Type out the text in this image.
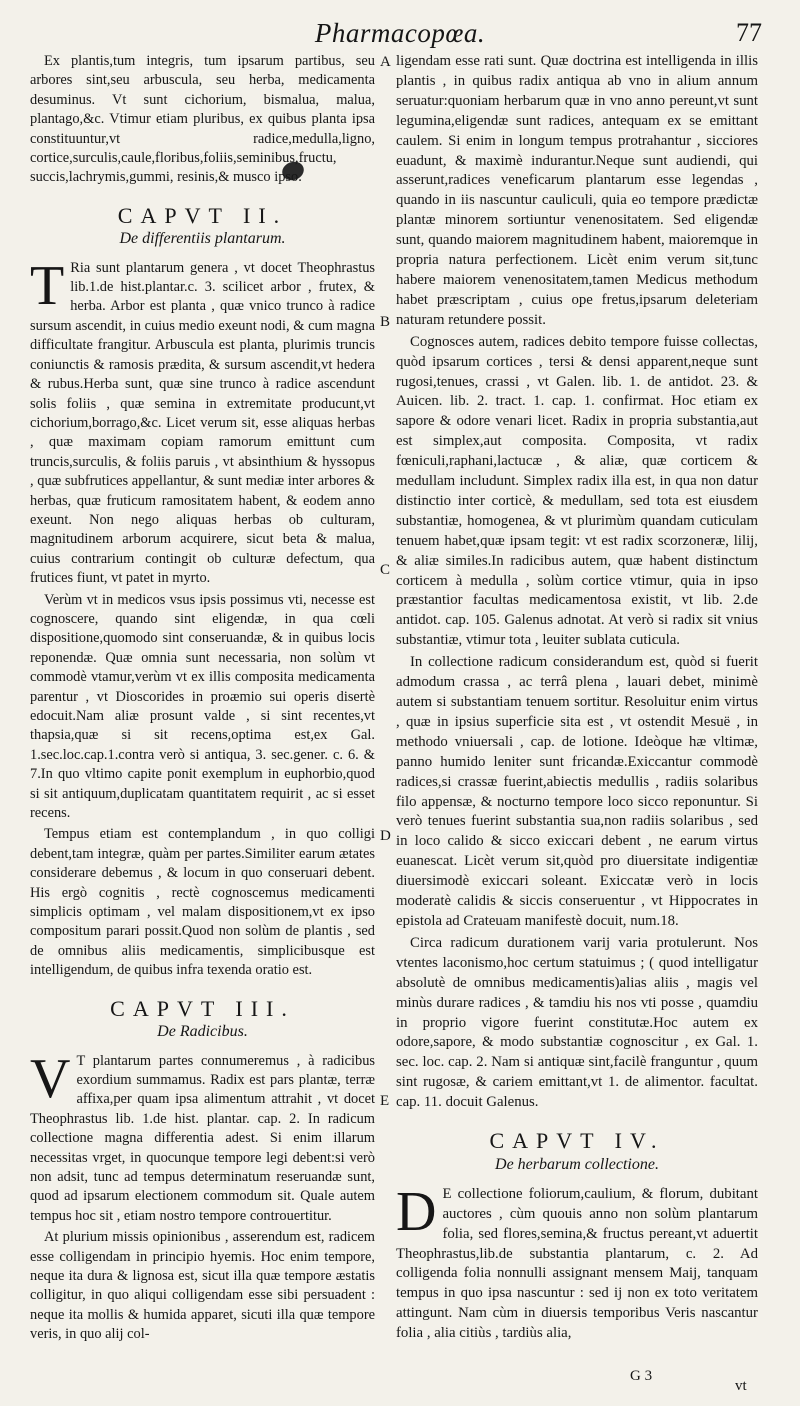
Pharmacopœa.	77

Ex plantis,tum integris, tum ipsarum partibus, seu arbores sint,seu arbuscula, seu herba, medicamenta desuminus. Vt sunt cichorium, bismalua, malua, plantago,&c. Vtimur etiam pluribus, ex quibus planta ipsa constituuntur,vt radice,medulla,ligno, cortice,surculis,caule,floribus,foliis,seminibus,fructu, succis,lachrymis,gummi, resinis,& musco ipso.

CAPVT II.
De differentiis plantarum.

T Ria sunt plantarum genera , vt docet Theophrastus lib.1.de hist.plantar.c. 3. scilicet arbor , frutex, & herba. Arbor est planta , quæ vnico trunco à radice sursum ascendit, in cuius medio exeunt nodi, & cum magna difficultate frangitur. Arbuscula est planta, plurimis truncis coniunctis & ramosis prædita, & sursum ascendit,vt hedera & rubus.Herba sunt, quæ sine trunco à radice ascendunt solis foliis , quæ semina in extremitate producunt,vt cichorium,borrago,&c. Licet verum sit, esse aliquas herbas , quæ maximam copiam ramorum emittunt cum truncis,surculis, & foliis paruis , vt absinthium & hyssopus , quæ subfrutices appellantur, & sunt mediæ inter arbores & herbas, quæ fruticum ramositatem habent, & eodem anno exeunt. Non nego aliquas herbas ob culturam, magnitudinem arborum acquirere, sicut beta & malua, cuius contrarium contingit ob culturæ defectum, qua frutices fiunt, vt patet in myrto.

Verùm vt in medicos vsus ipsis possimus vti, necesse est cognoscere, quando sint eligendæ, in qua cœli dispositione,quomodo sint conseruandæ, & in quibus locis reponendæ. Quæ omnia sunt necessaria, non solùm vt commodè vtamur,verùm vt ex illis composita medicamenta parentur , vt Dioscorides in proæmio sui operis disertè edocuit.Nam aliæ prosunt valde , si sint recentes,vt thapsia,quæ si sit recens,optima est,ex Gal. 1.sec.loc.cap.1.contra verò si antiqua, 3. sec.gener. c. 6. & 7.In quo vltimo capite ponit exemplum in euphorbio,quod si sit antiquum,duplicatam quantitatem requirit , ac si esset recens.

Tempus etiam est contemplandum , in quo colligi debent,tam integræ, quàm per partes.Similiter earum ætates considerare debemus , & locum in quo conseruari debent. His ergò cognitis , rectè cognoscemus medicamenti simplicis optimam , vel malam dispositionem,vt ex ipso compositum parari possit.Quod non solùm de plantis , sed de omnibus aliis medicamentis, simplicibusque est intelligendum, de quibus infra texenda oratio est.

CAPVT III.
De Radicibus.

V T plantarum partes connumeremus , à radicibus exordium summamus. Radix est pars plantæ, terræ affixa,per quam ipsa alimentum attrahit , vt docet Theophrastus lib. 1.de hist. plantar. cap. 2. In radicum collectione magna differentia adest. Si enim illarum necessitas vrget, in quocunque tempore legi debent:si verò non adsit, tunc ad tempus determinatum reseruandæ sunt, quod ad ipsarum electionem commodum sit. Quale autem tempus hoc sit , etiam nostro tempore controuertitur.

At plurium missis opinionibus , asserendum est, radicem esse colligendam in principio hyemis. Hoc enim tempore, neque ita dura & lignosa est, sicut illa quæ tempore æstatis colligitur, in quo aliqui colligendam esse sibi persuadent : neque ita mollis & humida apparet, sicuti illa quæ tempore veris, in quo alij col-

A
B
C
D
E

ligendam esse rati sunt. Quæ doctrina est intelligenda in illis plantis , in quibus radix antiqua ab vno in alium annum seruatur:quoniam herbarum quæ in vno anno pereunt,vt sunt legumina,eligendæ sunt radices, antequam ex se emittant caulem. Si enim in longum tempus protrahantur , sicciores euadunt, & maximè indurantur.Neque sunt audiendi, qui asserunt,radices veneficarum plantarum esse legendas , quando in iis nascuntur cauliculi, quia eo tempore prædictæ plantæ minorem sortiuntur venenositatem. Sed eligendæ sunt, quando maiorem magnitudinem habent, maioremque in propria natura perfectionem. Licèt enim verum sit,tunc habere maiorem venenositatem,tamen Medicus methodum habet præscriptam , cuius ope fretus,ipsarum deleteriam naturam retundere possit.

Cognosces autem, radices debito tempore fuisse collectas, quòd ipsarum cortices , tersi & densi apparent,neque sunt rugosi,tenues, crassi , vt Galen. lib. 1. de antidot. 23. & Auicen. lib. 2. tract. 1. cap. 1. confirmat. Hoc etiam ex sapore & odore venari licet. Radix in propria substantia,aut est simplex,aut composita. Composita, vt radix fœniculi,raphani,lactucæ , & aliæ, quæ corticem & medullam includunt. Simplex radix illa est, in qua non datur distinctio inter corticè, & medullam, sed tota est eiusdem substantiæ, homogenea, & vt plurimùm quandam cuticulam tenuem habet,quæ ipsam tegit: vt est radix scorzoneræ, lilij, & aliæ similes.In radicibus autem, quæ habent distinctum corticem à medulla , solùm cortice vtimur, quia in ipso præstantior facultas medicamentosa existit, vt lib. 2.de antidot. cap. 105. Galenus adnotat. At verò si radix sit vnius substantiæ, vtimur tota , leuiter sublata cuticula.

In collectione radicum considerandum est, quòd si fuerit admodum crassa , ac terrâ plena , lauari debet, minimè autem si substantiam tenuem sortitur. Resoluitur enim virtus , quæ in ipsius superficie sita est , vt ostendit Mesuë , in methodo vniuersali , cap. de lotione. Ideòque hæ vltimæ, panno humido leniter sunt fricandæ.Exiccantur commodè radices,si crassæ fuerint,abiectis medullis , radiis solaribus filo appensæ, & nocturno tempore loco sicco reponuntur. Si verò tenues fuerint substantia sua,non radiis solaribus , sed in loco calido & sicco exiccari debent , ne earum virtus euanescat. Licèt verum sit,quòd pro diuersitate indigentiæ diuersimodè exiccari soleant. Exiccatæ verò in locis moderatè calidis & siccis conseruentur , vt Hippocrates in epistola ad Crateuam manifestè docuit, num.18.

Circa radicum durationem varij varia protulerunt. Nos vtentes laconismo,hoc certum statuimus ; ( quod intelligatur absolutè de omnibus medicamentis)alias aliis , magis vel minùs durare radices , & tamdiu his nos vti posse , quamdiu in proprio vigore fuerint constitutæ.Hoc autem ex odore,sapore, & modo substantiæ cognoscitur , ex Gal. 1. sec. loc. cap. 2. Nam si antiquæ sint,facilè franguntur , quum sint rugosæ, & cariem emittant,vt 1. de alimentor. facultat. cap. 11. docuit Galenus.

CAPVT IV.
De herbarum collectione.

D E collectione foliorum,caulium, & florum, dubitant auctores , cùm quouis anno non solùm plantarum folia, sed flores,semina,& fructus pereant,vt aduertit Theophrastus,lib.de substantia plantarum, c. 2. Ad colligenda folia nonnulli assignant mensem Maij, tanquam tempus in quo ipsa nascuntur : sed ij non ex toto veritatem attingunt. Nam cùm in diuersis temporibus Veris nascantur folia , alia citiùs , tardiùs alia,

G 3
vt
